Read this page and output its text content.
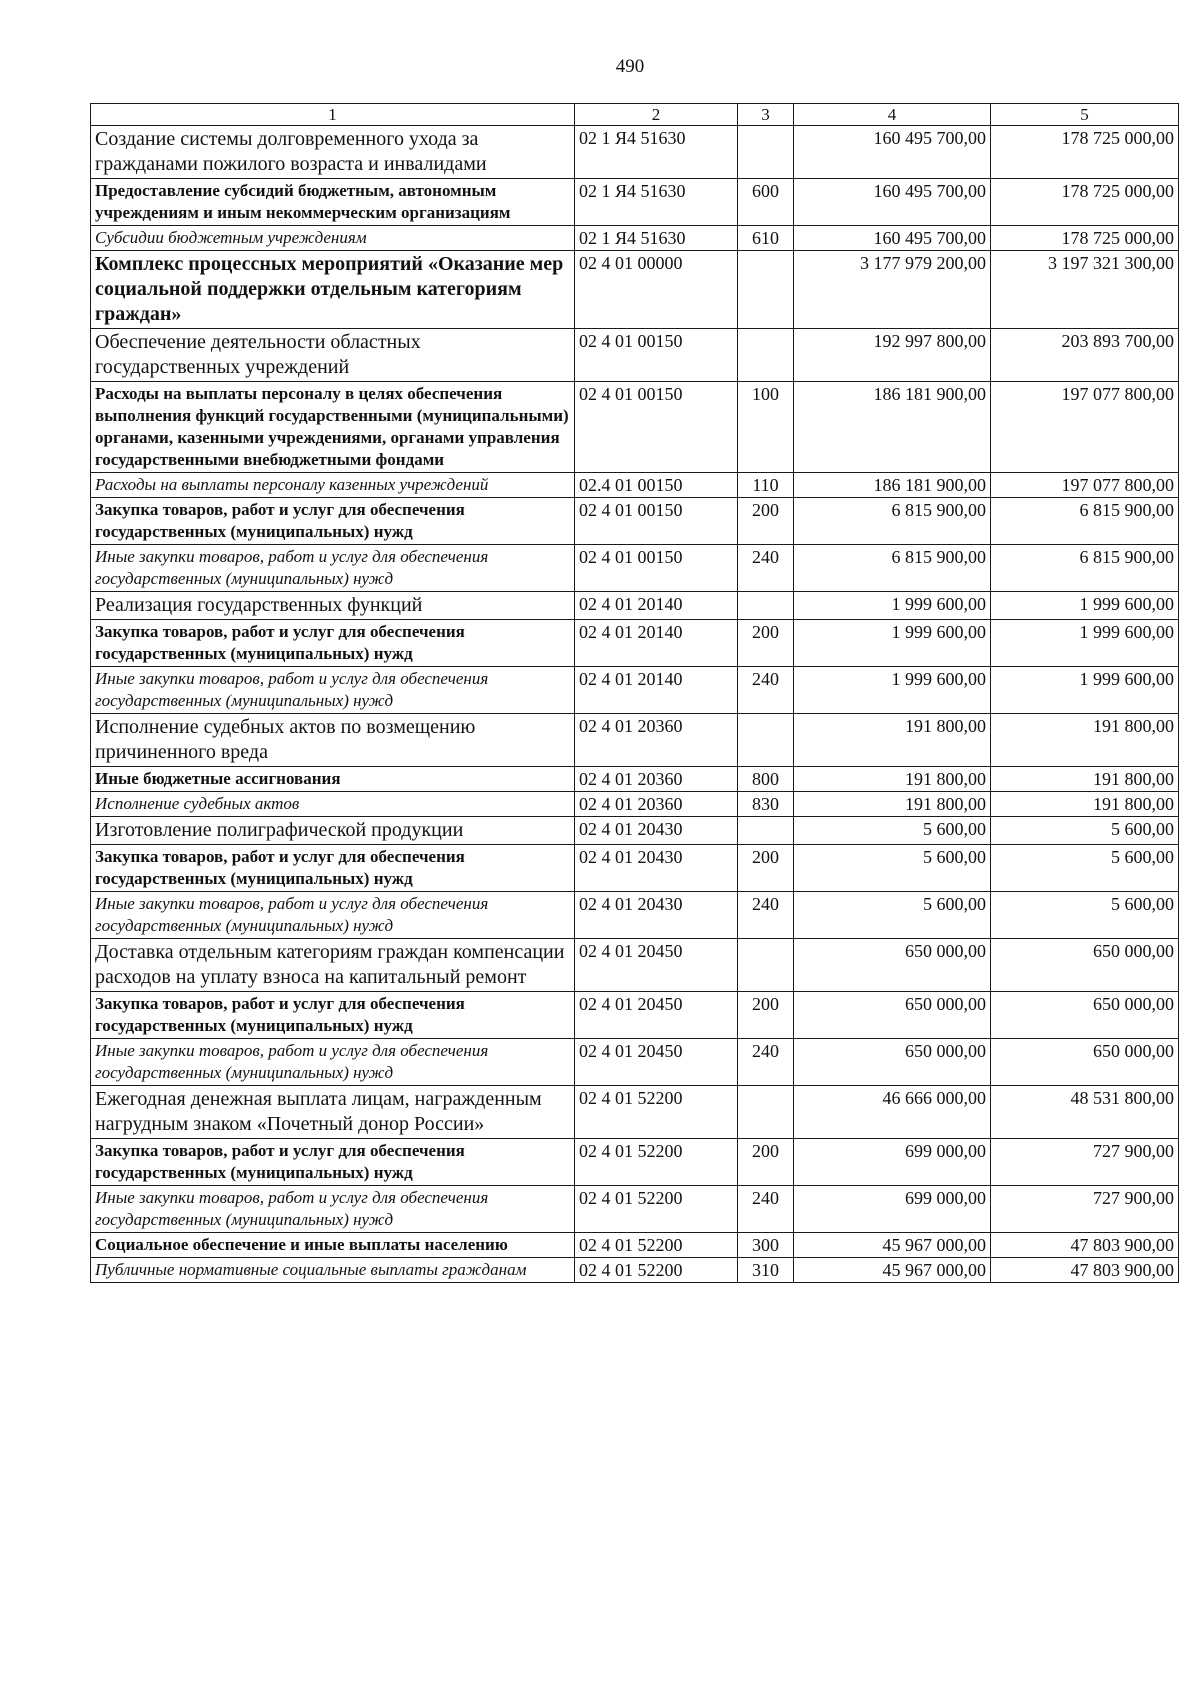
490
1	2	3	4	5
Создание системы долговременного ухода за гражданами пожилого возраста и инвалидами	02 1 Я4 51630		160 495 700,00	178 725 000,00
Предоставление субсидий бюджетным, автономным учреждениям и иным некоммерческим организациям	02 1 Я4 51630	600	160 495 700,00	178 725 000,00
Субсидии бюджетным учреждениям	02 1 Я4 51630	610	160 495 700,00	178 725 000,00
Комплекс процессных мероприятий «Оказание мер социальной поддержки отдельным категориям граждан»	02 4 01 00000		3 177 979 200,00	3 197 321 300,00
Обеспечение деятельности областных государственных учреждений	02 4 01 00150		192 997 800,00	203 893 700,00
Расходы на выплаты персоналу в целях обеспечения выполнения функций государственными (муниципальными) органами, казенными учреждениями, органами управления государственными внебюджетными фондами	02 4 01 00150	100	186 181 900,00	197 077 800,00
Расходы на выплаты персоналу казенных учреждений	02.4 01 00150	110	186 181 900,00	197 077 800,00
Закупка товаров, работ и услуг для обеспечения государственных (муниципальных) нужд	02 4 01 00150	200	6 815 900,00	6 815 900,00
Иные закупки товаров, работ и услуг для обеспечения государственных (муниципальных) нужд	02 4 01 00150	240	6 815 900,00	6 815 900,00
Реализация государственных функций	02 4 01 20140		1 999 600,00	1 999 600,00
Закупка товаров, работ и услуг для обеспечения государственных (муниципальных) нужд	02 4 01 20140	200	1 999 600,00	1 999 600,00
Иные закупки товаров, работ и услуг для обеспечения государственных (муниципальных) нужд	02 4 01 20140	240	1 999 600,00	1 999 600,00
Исполнение судебных актов по возмещению причиненного вреда	02 4 01 20360		191 800,00	191 800,00
Иные бюджетные ассигнования	02 4 01 20360	800	191 800,00	191 800,00
Исполнение судебных актов	02 4 01 20360	830	191 800,00	191 800,00
Изготовление полиграфической продукции	02 4 01 20430		5 600,00	5 600,00
Закупка товаров, работ и услуг для обеспечения государственных (муниципальных) нужд	02 4 01 20430	200	5 600,00	5 600,00
Иные закупки товаров, работ и услуг для обеспечения государственных (муниципальных) нужд	02 4 01 20430	240	5 600,00	5 600,00
Доставка отдельным категориям граждан компенсации расходов на уплату взноса на капитальный ремонт	02 4 01 20450		650 000,00	650 000,00
Закупка товаров, работ и услуг для обеспечения государственных (муниципальных) нужд	02 4 01 20450	200	650 000,00	650 000,00
Иные закупки товаров, работ и услуг для обеспечения государственных (муниципальных) нужд	02 4 01 20450	240	650 000,00	650 000,00
Ежегодная денежная выплата лицам, награжденным нагрудным знаком «Почетный донор России»	02 4 01 52200		46 666 000,00	48 531 800,00
Закупка товаров, работ и услуг для обеспечения государственных (муниципальных) нужд	02 4 01 52200	200	699 000,00	727 900,00
Иные закупки товаров, работ и услуг для обеспечения государственных (муниципальных) нужд	02 4 01 52200	240	699 000,00	727 900,00
Социальное обеспечение и иные выплаты населению	02 4 01 52200	300	45 967 000,00	47 803 900,00
Публичные нормативные социальные выплаты гражданам	02 4 01 52200	310	45 967 000,00	47 803 900,00
